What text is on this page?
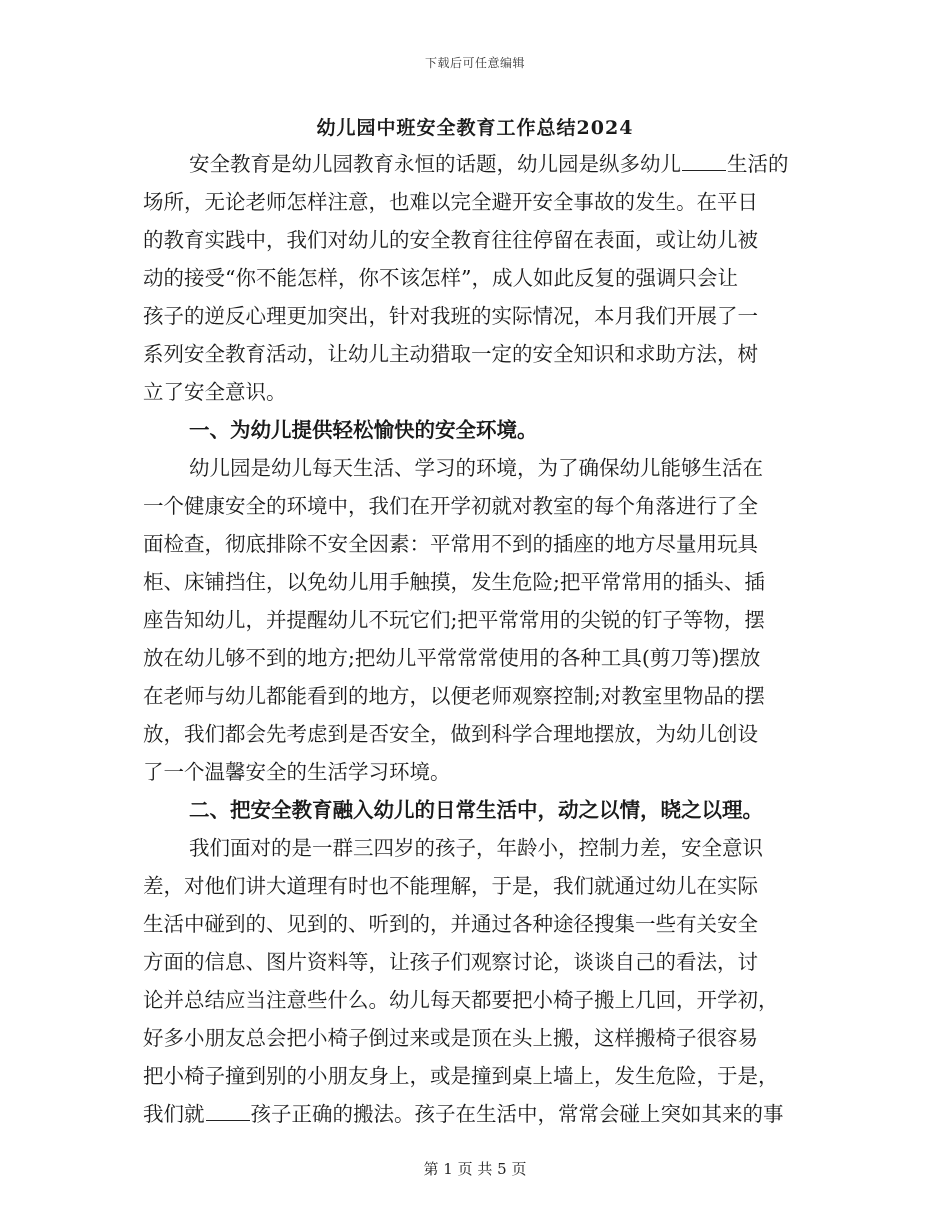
下载后可任意编辑
幼儿园中班安全教育工作总结2024
安全教育是幼儿园教育永恒的话题，幼儿园是纵多幼儿 生活的
场所，无论老师怎样注意，也难以完全避开安全事故的发生。在平日
的教育实践中，我们对幼儿的安全教育往往停留在表面，或让幼儿被
动的接受“你不能怎样，你不该怎样”，成人如此反复的强调只会让
孩子的逆反心理更加突出，针对我班的实际情况，本月我们开展了一
系列安全教育活动，让幼儿主动猎取一定的安全知识和求助方法，树
立了安全意识。
一、为幼儿提供轻松愉快的安全环境。
幼儿园是幼儿每天生活、学习的环境，为了确保幼儿能够生活在
一个健康安全的环境中，我们在开学初就对教室的每个角落进行了全
面检查，彻底排除不安全因素：平常用不到的插座的地方尽量用玩具
柜、床铺挡住，以免幼儿用手触摸，发生危险;把平常常用的插头、插
座告知幼儿，并提醒幼儿不玩它们;把平常常用的尖锐的钉子等物，摆
放在幼儿够不到的地方;把幼儿平常常常使用的各种工具(剪刀等)摆放
在老师与幼儿都能看到的地方，以便老师观察控制;对教室里物品的摆
放，我们都会先考虑到是否安全，做到科学合理地摆放，为幼儿创设
了一个温馨安全的生活学习环境。
二、把安全教育融入幼儿的日常生活中，动之以情，晓之以理。
我们面对的是一群三四岁的孩子，年龄小，控制力差，安全意识
差，对他们讲大道理有时也不能理解，于是，我们就通过幼儿在实际
生活中碰到的、见到的、听到的，并通过各种途径搜集一些有关安全
方面的信息、图片资料等，让孩子们观察讨论，谈谈自己的看法，讨
论并总结应当注意些什么。幼儿每天都要把小椅子搬上几回，开学初，
好多小朋友总会把小椅子倒过来或是顶在头上搬，这样搬椅子很容易
把小椅子撞到别的小朋友身上，或是撞到桌上墙上，发生危险，于是，
我们就 孩子正确的搬法。孩子在生活中，常常会碰上突如其来的事
第 1 页 共 5 页
